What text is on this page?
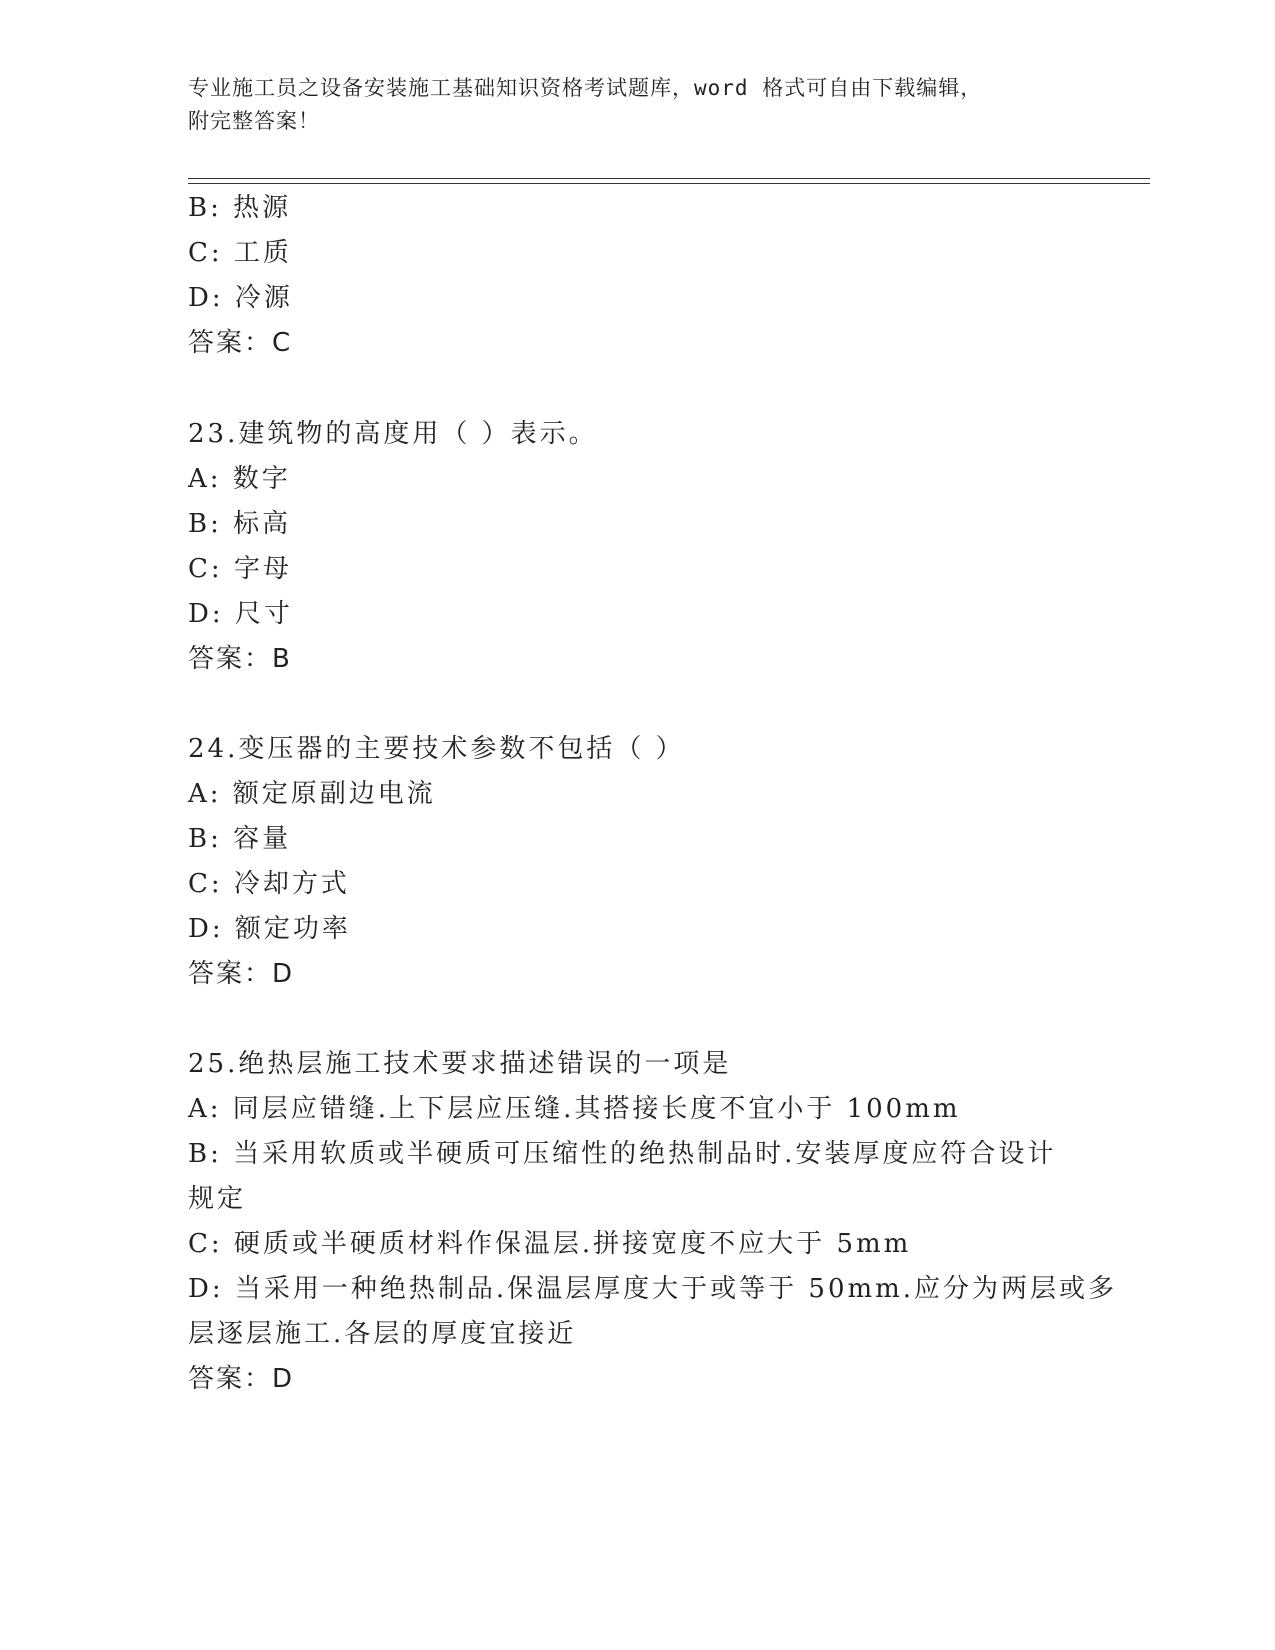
专业施工员之设备安装施工基础知识资格考试题库，word 格式可自由下载编辑，
附完整答案！
B: 热源
C: 工质
D: 冷源
答案：C
23.建筑物的高度用（ ）表示。
A: 数字
B: 标高
C: 字母
D: 尺寸
答案：B
24.变压器的主要技术参数不包括（ ）
A: 额定原副边电流
B: 容量
C: 冷却方式
D: 额定功率
答案：D
25.绝热层施工技术要求描述错误的一项是
A: 同层应错缝.上下层应压缝.其搭接长度不宜小于 100mm
B: 当采用软质或半硬质可压缩性的绝热制品时.安装厚度应符合设计
规定
C: 硬质或半硬质材料作保温层.拼接宽度不应大于 5mm
D: 当采用一种绝热制品.保温层厚度大于或等于 50mm.应分为两层或多
层逐层施工.各层的厚度宜接近
答案：D
